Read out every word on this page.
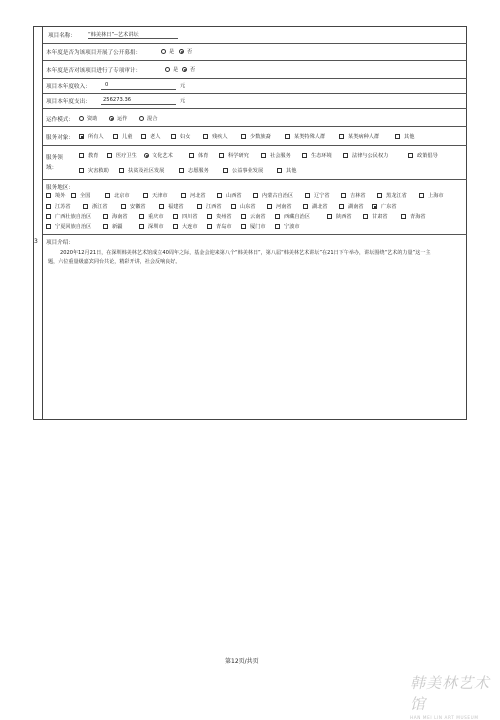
3
项目名称： “韩美林日”--艺术讲坛
本年度是否为该项目开展了公开募捐：	是 否
本年度是否对该项目进行了专项审计：	是 否
项目本年度收入：	0	元
项目本年度支出： 256273.36	元
运作模式：	资助	运作	混合
服务对象：	所有人	儿童	老人	妇女	残疾人	少数族裔	某类特殊人群	某类病种人群	其他
服务领
域：
教育	医疗卫生	文化艺术	体育	科学研究	社会服务	生态环境	法律与公民权力	政策倡导
灾害救助	扶贫及社区发展	志愿服务	公益事业发展	其他
服务地区：
境外	全国	北京市	天津市	河北省	山西省	内蒙古自治区	辽宁省	吉林省	黑龙江省	上海市
江苏省	浙江省	安徽省	福建省	江西省	山东省	河南省	湖北省	湖南省	广东省
广西壮族自治区	海南省	重庆市	四川省	贵州省	云南省	西藏自治区	陕西省	甘肃省	青海省
宁夏回族自治区	新疆	深圳市	大连市	青岛市	厦门市	宁波市
项目介绍：
2020年12月21日，在深圳韩美林艺术馆成立40周年之际，基金会迎来第八个“韩美林日”，第八届“韩美林艺术讲坛”在21日下午举办，讲坛围绕“艺术的力量”这一主
题，六位重量级嘉宾同台共论，精彩开讲，社会反响良好。
第12页/共页
韩美林艺术馆
HAN MEI LIN ART MUSEUM
